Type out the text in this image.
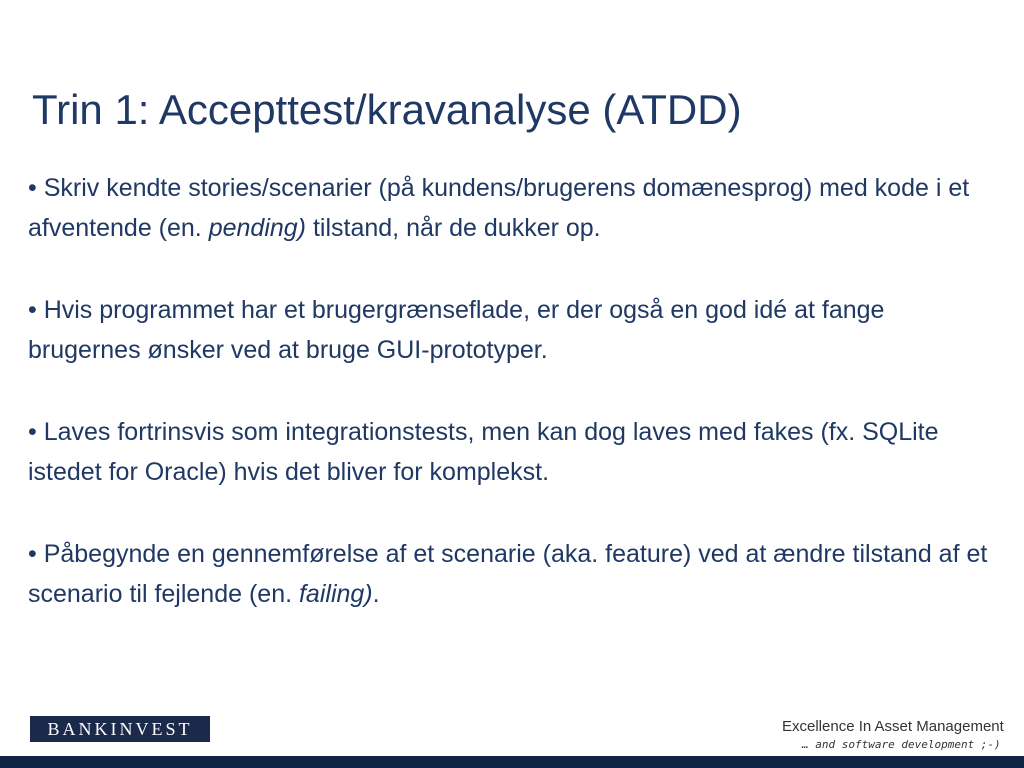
Trin 1: Accepttest/kravanalyse (ATDD)

• Skriv kendte stories/scenarier (på kundens/brugerens domænesprog) med kode i et afventende (en. pending) tilstand, når de dukker op.

• Hvis programmet har et brugergrænseflade, er der også en god idé at fange brugernes ønsker ved at bruge GUI-prototyper.

• Laves fortrinsvis som integrationstests, men kan dog laves med fakes (fx. SQLite istedet for Oracle) hvis det bliver for komplekst.

• Påbegynde en gennemførelse af et scenarie (aka. feature) ved at ændre tilstand af et scenario til fejlende (en. failing).

BANKINVEST	Excellence In Asset Management
… and software development ;-)
